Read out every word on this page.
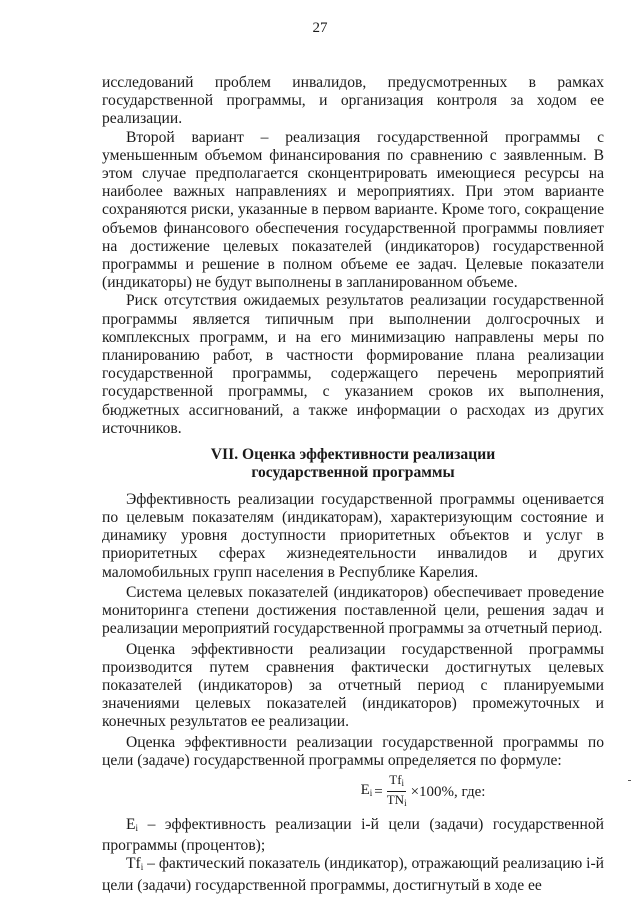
27

исследований проблем инвалидов, предусмотренных в рамках государственной программы, и организация контроля за ходом ее реализации.

Второй вариант – реализация государственной программы с уменьшенным объемом финансирования по сравнению с заявленным. В этом случае предполагается сконцентрировать имеющиеся ресурсы на наиболее важных направлениях и мероприятиях. При этом варианте сохраняются риски, указанные в первом варианте. Кроме того, сокращение объемов финансового обеспечения государственной программы повлияет на достижение целевых показателей (индикаторов) государственной программы и решение в полном объеме ее задач. Целевые показатели (индикаторы) не будут выполнены в запланированном объеме.

Риск отсутствия ожидаемых результатов реализации государственной программы является типичным при выполнении долгосрочных и комплексных программ, и на его минимизацию направлены меры по планированию работ, в частности формирование плана реализации государственной программы, содержащего перечень мероприятий государственной программы, с указанием сроков их выполнения, бюджетных ассигнований, а также информации о расходах из других источников.

VII. Оценка эффективности реализации
государственной программы

Эффективность реализации государственной программы оценивается по целевым показателям (индикаторам), характеризующим состояние и динамику уровня доступности приоритетных объектов и услуг в приоритетных сферах жизнедеятельности инвалидов и других маломобильных групп населения в Республике Карелия.

Система целевых показателей (индикаторов) обеспечивает проведение мониторинга степени достижения поставленной цели, решения задач и реализации мероприятий государственной программы за отчетный период.

Оценка эффективности реализации государственной программы производится путем сравнения фактически достигнутых целевых показателей (индикаторов) за отчетный период с планируемыми значениями целевых показателей (индикаторов) промежуточных и конечных результатов ее реализации.

Оценка эффективности реализации государственной программы по цели (задаче) государственной программы определяется по формуле:

$E_i = \frac{Tf_i}{TN_i} \times 100\%$, где:

$E_i$ – эффективность реализации i-й цели (задачи) государственной программы (процентов);

$Tf_i$ – фактический показатель (индикатор), отражающий реализацию i-й цели (задачи) государственной программы, достигнутый в ходе ее
